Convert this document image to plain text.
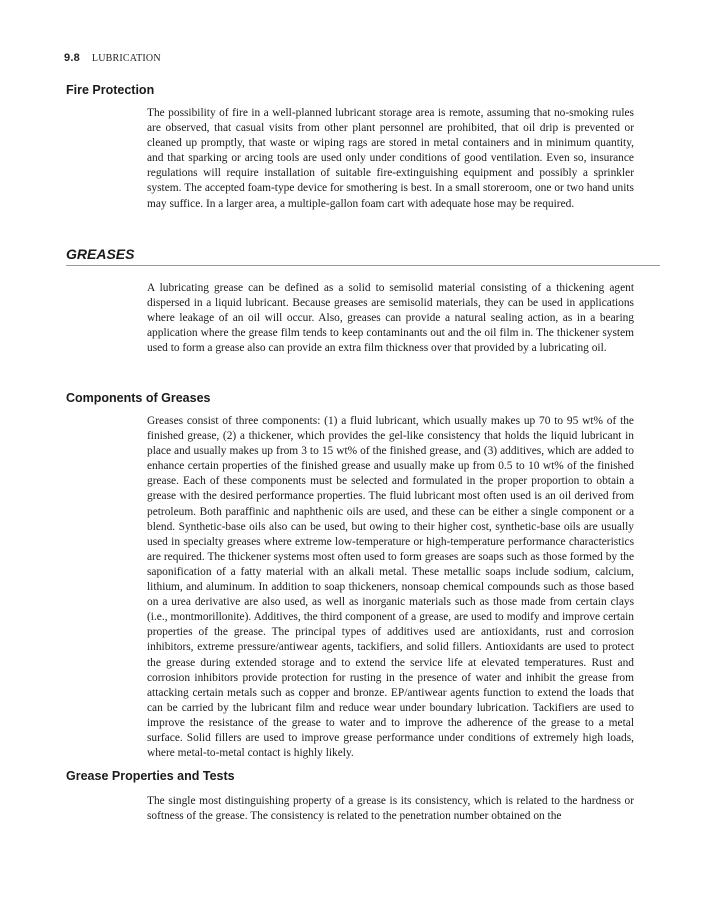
9.8 LUBRICATION
Fire Protection

The possibility of fire in a well-planned lubricant storage area is remote, assuming that no-smoking rules are observed, that casual visits from other plant personnel are prohibited, that oil drip is prevented or cleaned up promptly, that waste or wiping rags are stored in metal containers and in minimum quantity, and that sparking or arcing tools are used only under conditions of good ventilation. Even so, insurance regulations will require installation of suitable fire-extinguishing equipment and possibly a sprinkler system. The accepted foam-type device for smothering is best. In a small storeroom, one or two hand units may suffice. In a larger area, a multiple-gallon foam cart with adequate hose may be required.

GREASES

A lubricating grease can be defined as a solid to semisolid material consisting of a thickening agent dispersed in a liquid lubricant. Because greases are semisolid materials, they can be used in applications where leakage of an oil will occur. Also, greases can provide a natural sealing action, as in a bearing application where the grease film tends to keep contaminants out and the oil film in. The thickener system used to form a grease also can provide an extra film thickness over that provided by a lubricating oil.

Components of Greases

Greases consist of three components: (1) a fluid lubricant, which usually makes up 70 to 95 wt% of the finished grease, (2) a thickener, which provides the gel-like consistency that holds the liquid lubricant in place and usually makes up from 3 to 15 wt% of the finished grease, and (3) additives, which are added to enhance certain properties of the finished grease and usually make up from 0.5 to 10 wt% of the finished grease. Each of these components must be selected and formulated in the proper proportion to obtain a grease with the desired performance properties. The fluid lubricant most often used is an oil derived from petroleum. Both paraffinic and naphthenic oils are used, and these can be either a single component or a blend. Synthetic-base oils also can be used, but owing to their higher cost, synthetic-base oils are usually used in specialty greases where extreme low-temperature or high-temperature performance characteristics are required. The thickener systems most often used to form greases are soaps such as those formed by the saponification of a fatty material with an alkali metal. These metallic soaps include sodium, calcium, lithium, and aluminum. In addition to soap thickeners, nonsoap chemical compounds such as those based on a urea derivative are also used, as well as inorganic materials such as those made from certain clays (i.e., montmorillonite). Additives, the third component of a grease, are used to modify and improve certain properties of the grease. The principal types of additives used are antioxidants, rust and corrosion inhibitors, extreme pressure/antiwear agents, tackifiers, and solid fillers. Antioxidants are used to protect the grease during extended storage and to extend the service life at elevated temperatures. Rust and corrosion inhibitors provide protection for rusting in the presence of water and inhibit the grease from attacking certain metals such as copper and bronze. EP/antiwear agents function to extend the loads that can be carried by the lubricant film and reduce wear under boundary lubrication. Tackifiers are used to improve the resistance of the grease to water and to improve the adherence of the grease to a metal surface. Solid fillers are used to improve grease performance under conditions of extremely high loads, where metal-to-metal contact is highly likely.

Grease Properties and Tests

The single most distinguishing property of a grease is its consistency, which is related to the hardness or softness of the grease. The consistency is related to the penetration number obtained on the
